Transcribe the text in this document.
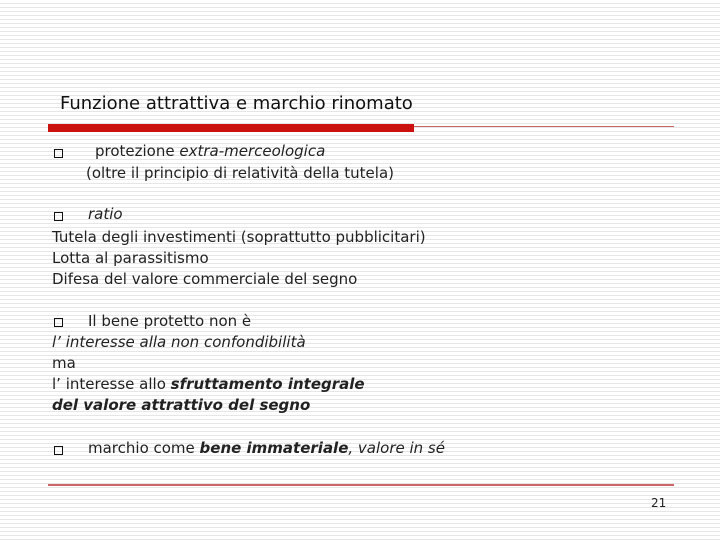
Funzione attrattiva e marchio rinomato
protezione extra-merceologica
(oltre il principio di relatività della tutela)
ratio
Tutela degli investimenti (soprattutto pubblicitari)
Lotta al parassitismo
Difesa del valore commerciale del segno
Il bene protetto non è
l’ interesse alla non confondibilità
ma
l’ interesse allo sfruttamento integrale
del valore attrattivo del segno
marchio come bene immateriale, valore in sé
21
